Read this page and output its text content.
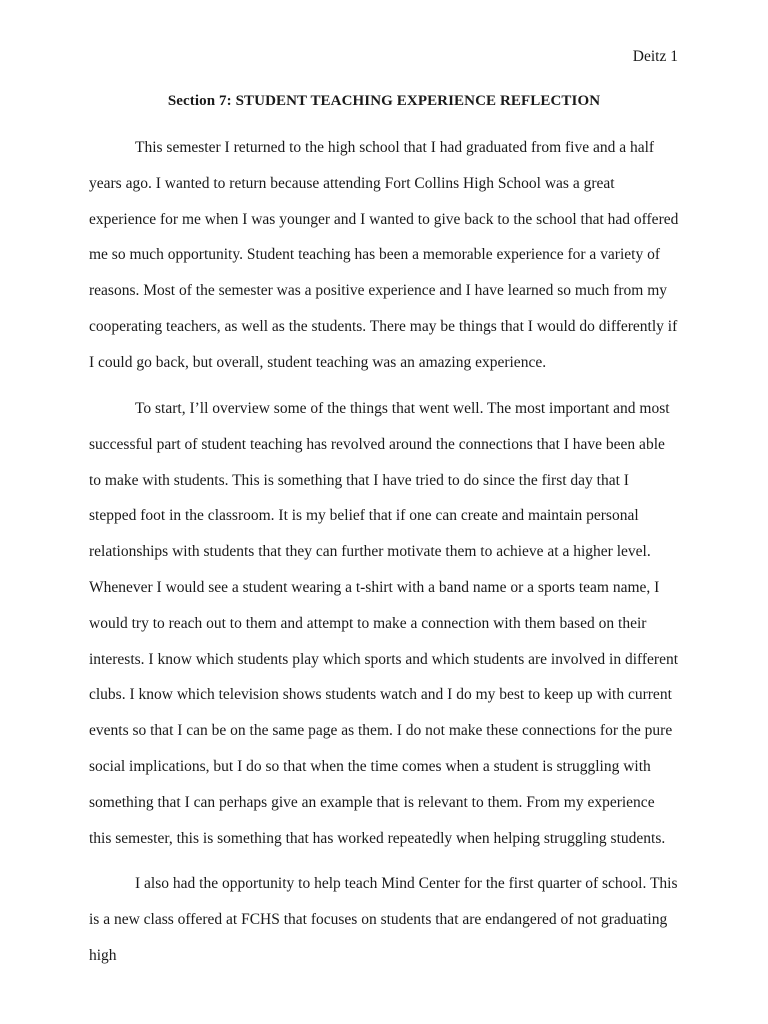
Deitz 1
Section 7: STUDENT TEACHING EXPERIENCE REFLECTION

This semester I returned to the high school that I had graduated from five and a half years ago. I wanted to return because attending Fort Collins High School was a great experience for me when I was younger and I wanted to give back to the school that had offered me so much opportunity. Student teaching has been a memorable experience for a variety of reasons. Most of the semester was a positive experience and I have learned so much from my cooperating teachers, as well as the students. There may be things that I would do differently if I could go back, but overall, student teaching was an amazing experience.

To start, I’ll overview some of the things that went well. The most important and most successful part of student teaching has revolved around the connections that I have been able to make with students. This is something that I have tried to do since the first day that I stepped foot in the classroom. It is my belief that if one can create and maintain personal relationships with students that they can further motivate them to achieve at a higher level. Whenever I would see a student wearing a t-shirt with a band name or a sports team name, I would try to reach out to them and attempt to make a connection with them based on their interests. I know which students play which sports and which students are involved in different clubs. I know which television shows students watch and I do my best to keep up with current events so that I can be on the same page as them. I do not make these connections for the pure social implications, but I do so that when the time comes when a student is struggling with something that I can perhaps give an example that is relevant to them. From my experience this semester, this is something that has worked repeatedly when helping struggling students.

I also had the opportunity to help teach Mind Center for the first quarter of school. This is a new class offered at FCHS that focuses on students that are endangered of not graduating high
